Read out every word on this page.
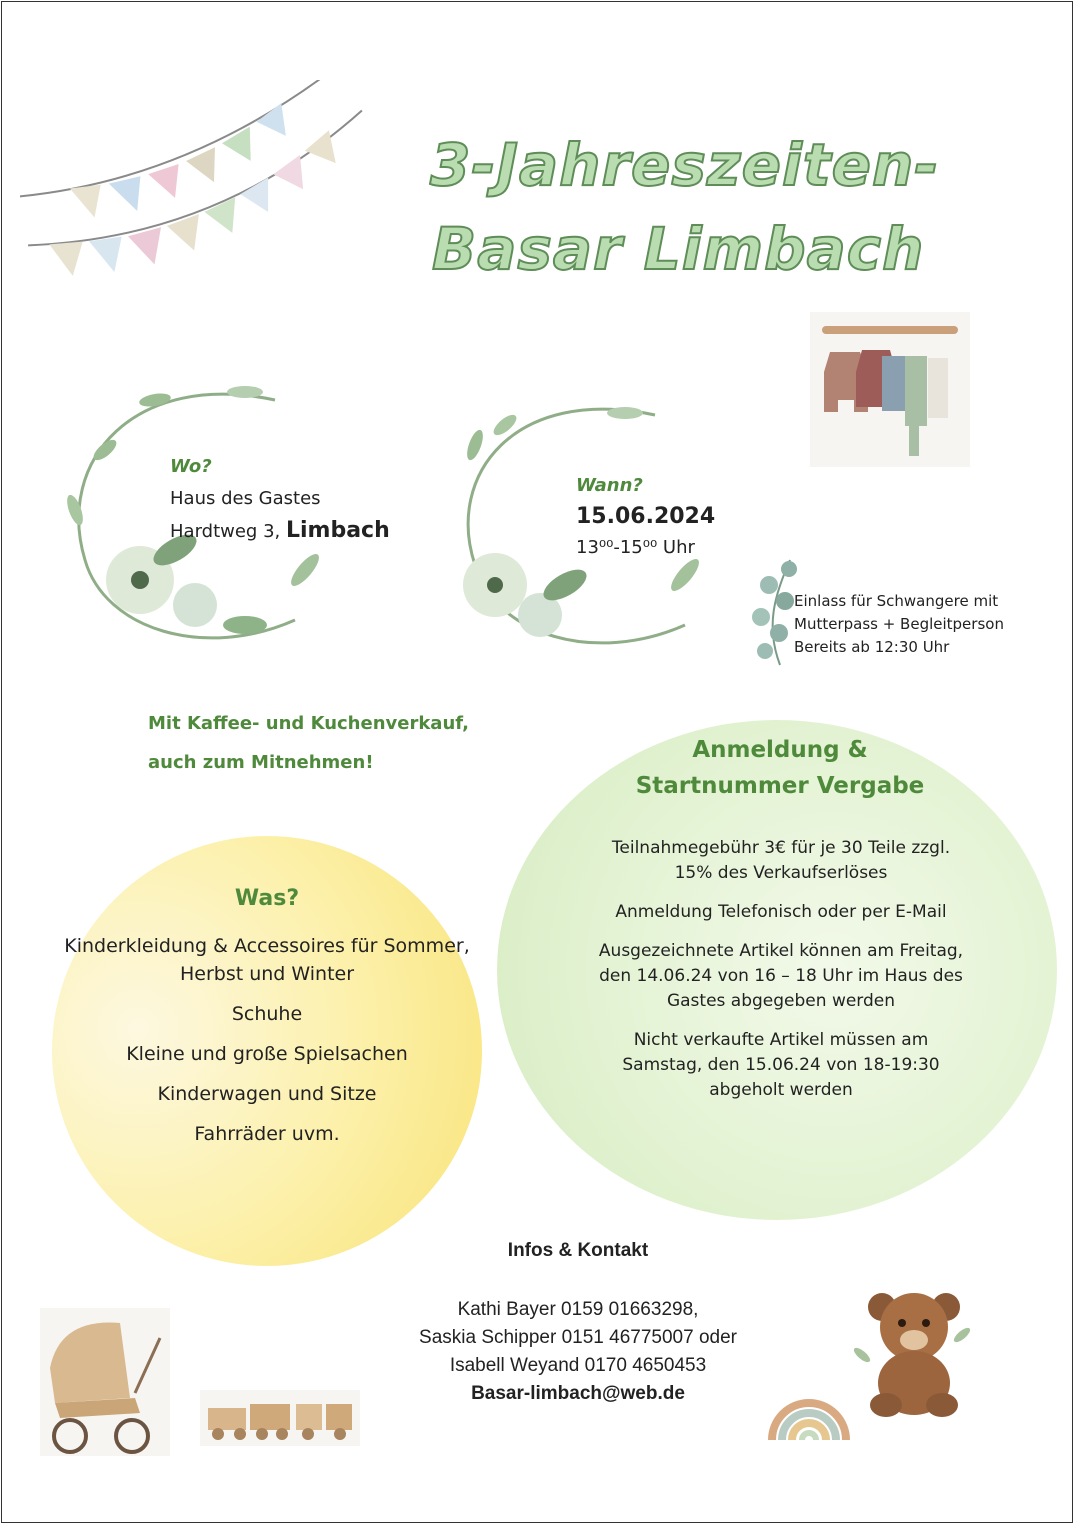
3-Jahreszeiten-
Basar Limbach
Wo?
Haus des Gastes
Hardtweg 3, Limbach
Wann?
15.06.2024
13⁰⁰-15⁰⁰ Uhr
Einlass für Schwangere mit
Mutterpass + Begleitperson
Bereits ab 12:30 Uhr
Mit Kaffee- und Kuchenverkauf,
auch zum Mitnehmen!	Anmeldung &
Startnummer Vergabe
Teilnahmegebühr 3€ für je 30 Teile zzgl. 15% des Verkaufserlöses
Anmeldung Telefonisch oder per E-Mail
Ausgezeichnete Artikel können am Freitag, den 14.06.24 von 16 – 18 Uhr im Haus des Gastes abgegeben werden
Nicht verkaufte Artikel müssen am Samstag, den 15.06.24 von 18-19:30 abgeholt werden
Was?
Kinderkleidung & Accessoires für Sommer, Herbst und Winter
Schuhe
Kleine und große Spielsachen
Kinderwagen und Sitze
Fahrräder uvm.
Infos & Kontakt
Kathi Bayer 0159 01663298,
Saskia Schipper 0151 46775007 oder
Isabell Weyand 0170 4650453
Basar-limbach@web.de
